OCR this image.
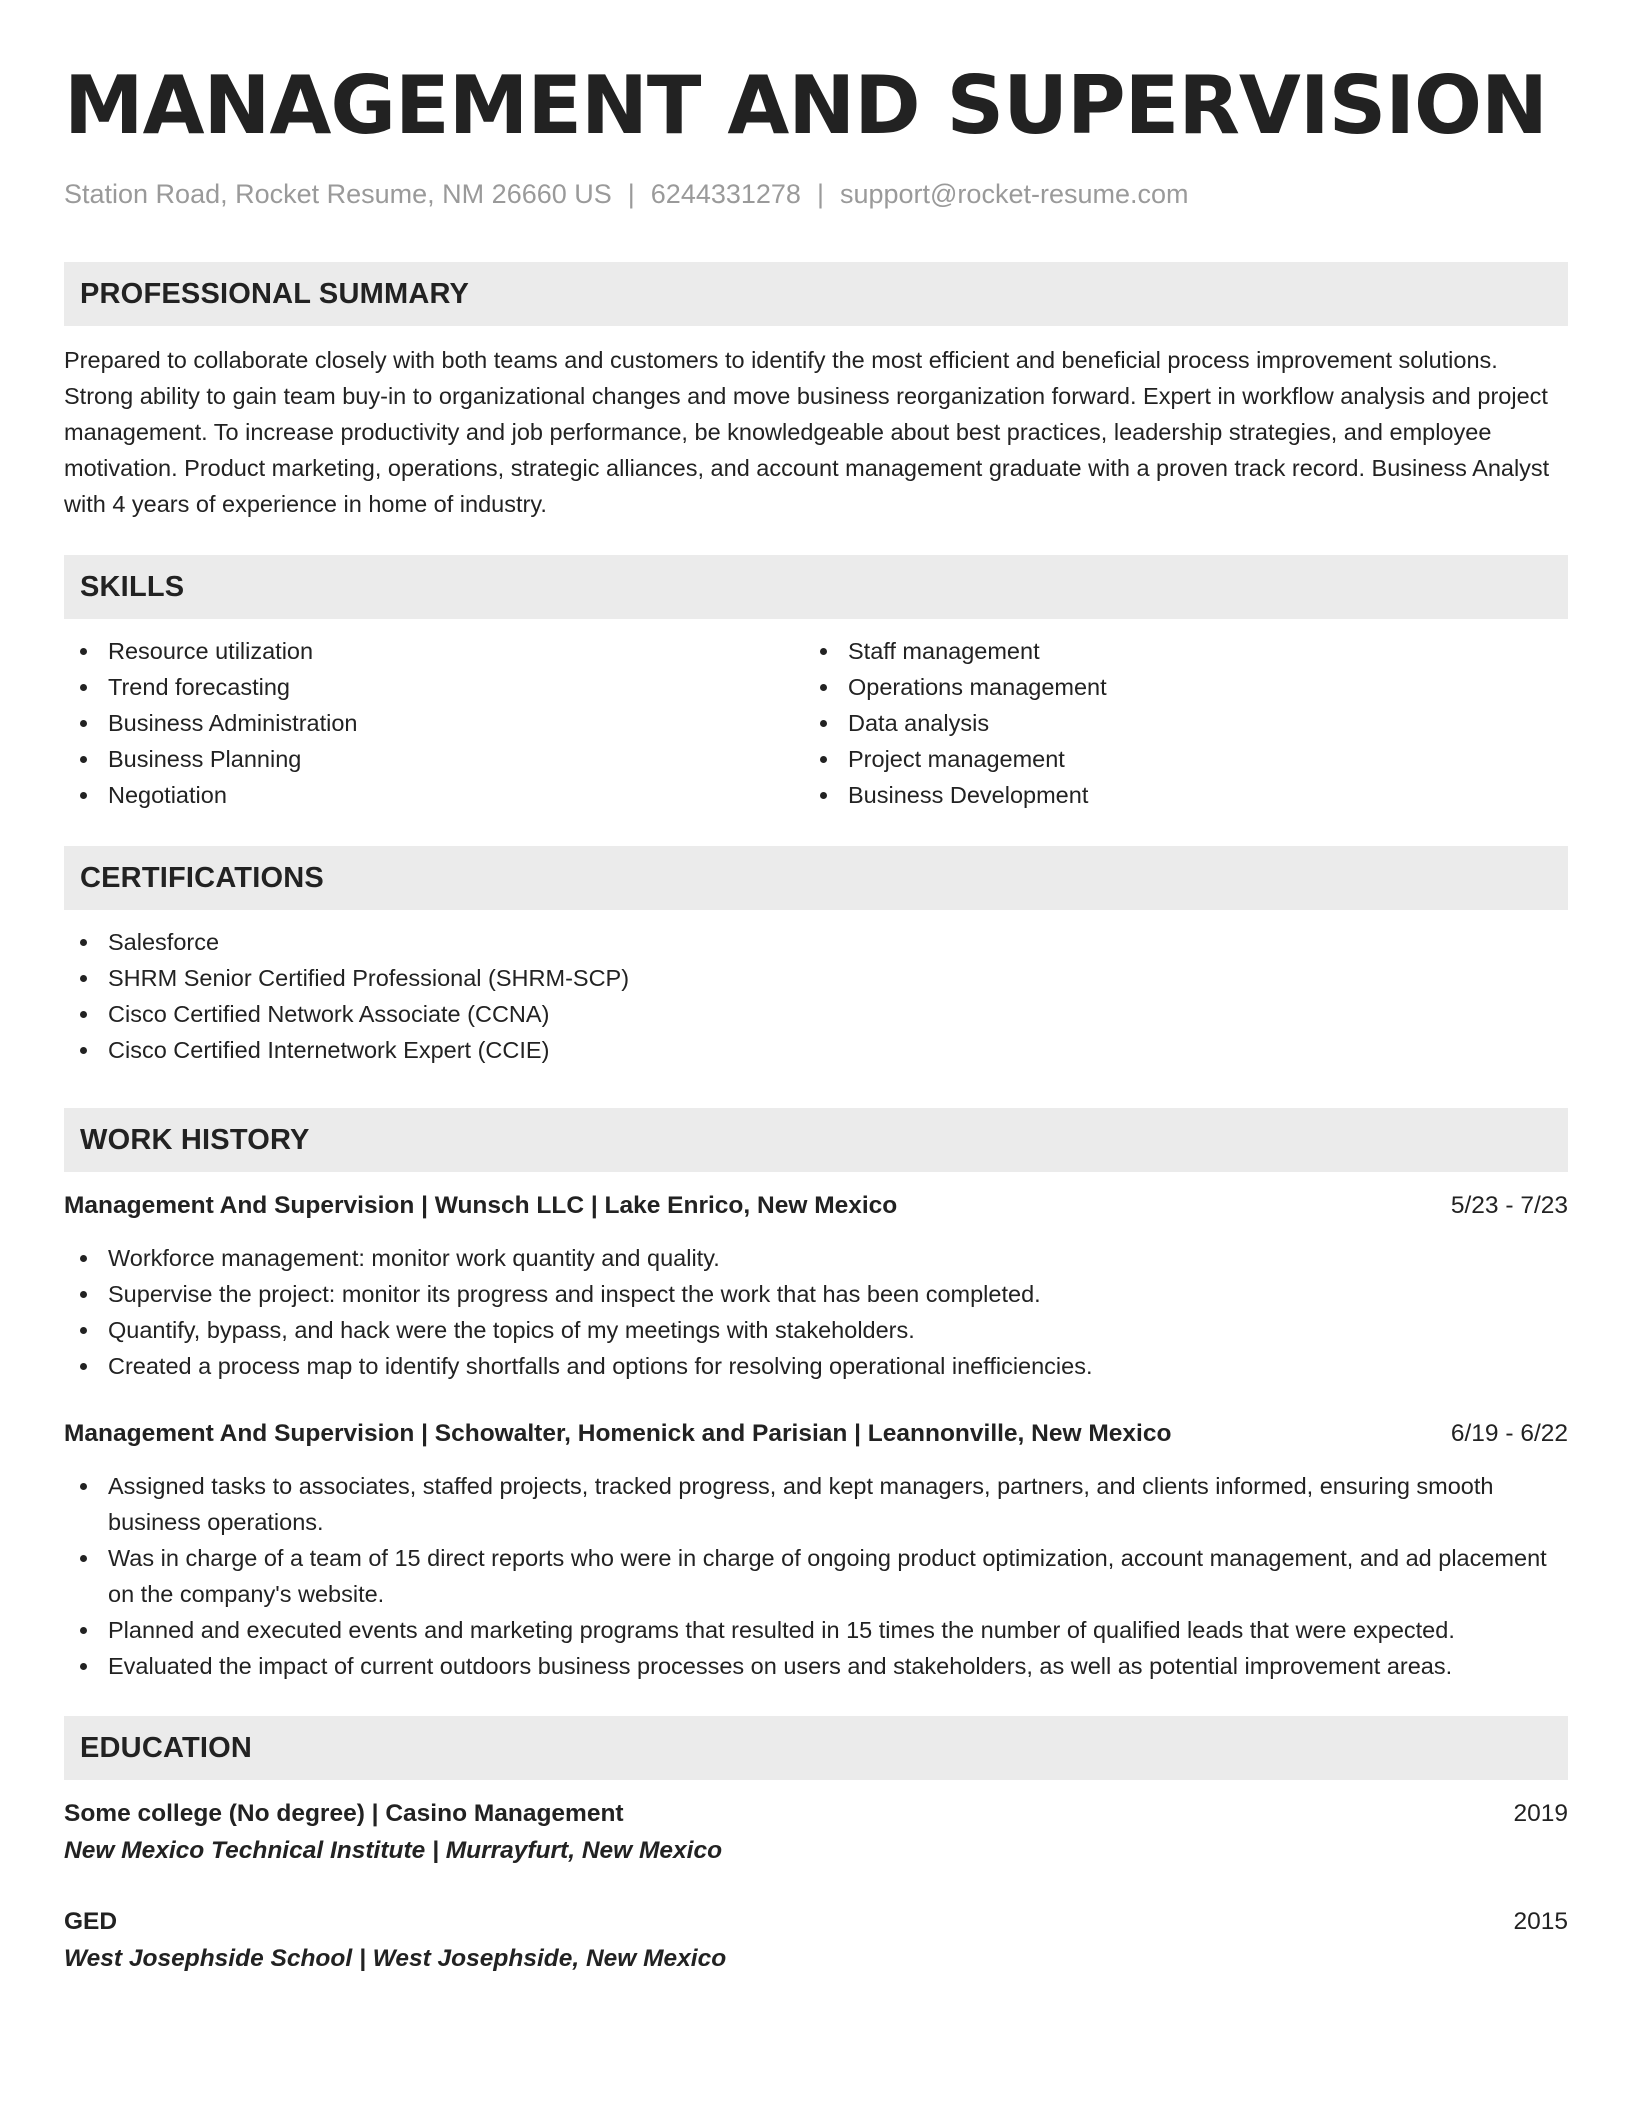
MANAGEMENT AND SUPERVISION
Station Road, Rocket Resume, NM 26660 US | 6244331278 | support@rocket-resume.com
PROFESSIONAL SUMMARY
Prepared to collaborate closely with both teams and customers to identify the most efficient and beneficial process improvement solutions. Strong ability to gain team buy-in to organizational changes and move business reorganization forward. Expert in workflow analysis and project management. To increase productivity and job performance, be knowledgeable about best practices, leadership strategies, and employee motivation. Product marketing, operations, strategic alliances, and account management graduate with a proven track record. Business Analyst with 4 years of experience in home of industry.
SKILLS
Resource utilization
Trend forecasting
Business Administration
Business Planning
Negotiation
Staff management
Operations management
Data analysis
Project management
Business Development
CERTIFICATIONS
Salesforce
SHRM Senior Certified Professional (SHRM-SCP)
Cisco Certified Network Associate (CCNA)
Cisco Certified Internetwork Expert (CCIE)
WORK HISTORY
Management And Supervision | Wunsch LLC | Lake Enrico, New Mexico	5/23 - 7/23
Workforce management: monitor work quantity and quality.
Supervise the project: monitor its progress and inspect the work that has been completed.
Quantify, bypass, and hack were the topics of my meetings with stakeholders.
Created a process map to identify shortfalls and options for resolving operational inefficiencies.
Management And Supervision | Schowalter, Homenick and Parisian | Leannonville, New Mexico	6/19 - 6/22
Assigned tasks to associates, staffed projects, tracked progress, and kept managers, partners, and clients informed, ensuring smooth business operations.
Was in charge of a team of 15 direct reports who were in charge of ongoing product optimization, account management, and ad placement on the company's website.
Planned and executed events and marketing programs that resulted in 15 times the number of qualified leads that were expected.
Evaluated the impact of current outdoors business processes on users and stakeholders, as well as potential improvement areas.
EDUCATION
Some college (No degree) | Casino Management	2019
New Mexico Technical Institute | Murrayfurt, New Mexico
GED	2015
West Josephside School | West Josephside, New Mexico
